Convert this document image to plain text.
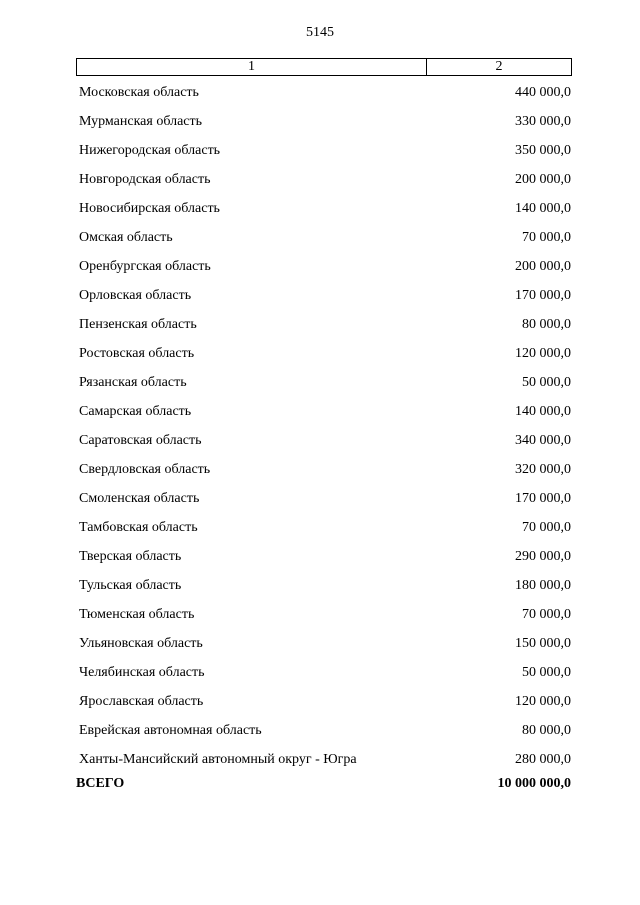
5145
1	2
Московская область	440 000,0
Мурманская область	330 000,0
Нижегородская область	350 000,0
Новгородская область	200 000,0
Новосибирская область	140 000,0
Омская область	70 000,0
Оренбургская область	200 000,0
Орловская область	170 000,0
Пензенская область	80 000,0
Ростовская область	120 000,0
Рязанская область	50 000,0
Самарская область	140 000,0
Саратовская область	340 000,0
Свердловская область	320 000,0
Смоленская область	170 000,0
Тамбовская область	70 000,0
Тверская область	290 000,0
Тульская область	180 000,0
Тюменская область	70 000,0
Ульяновская область	150 000,0
Челябинская область	50 000,0
Ярославская область	120 000,0
Еврейская автономная область	80 000,0
Ханты-Мансийский автономный округ - Югра	280 000,0
ВСЕГО	10 000 000,0
